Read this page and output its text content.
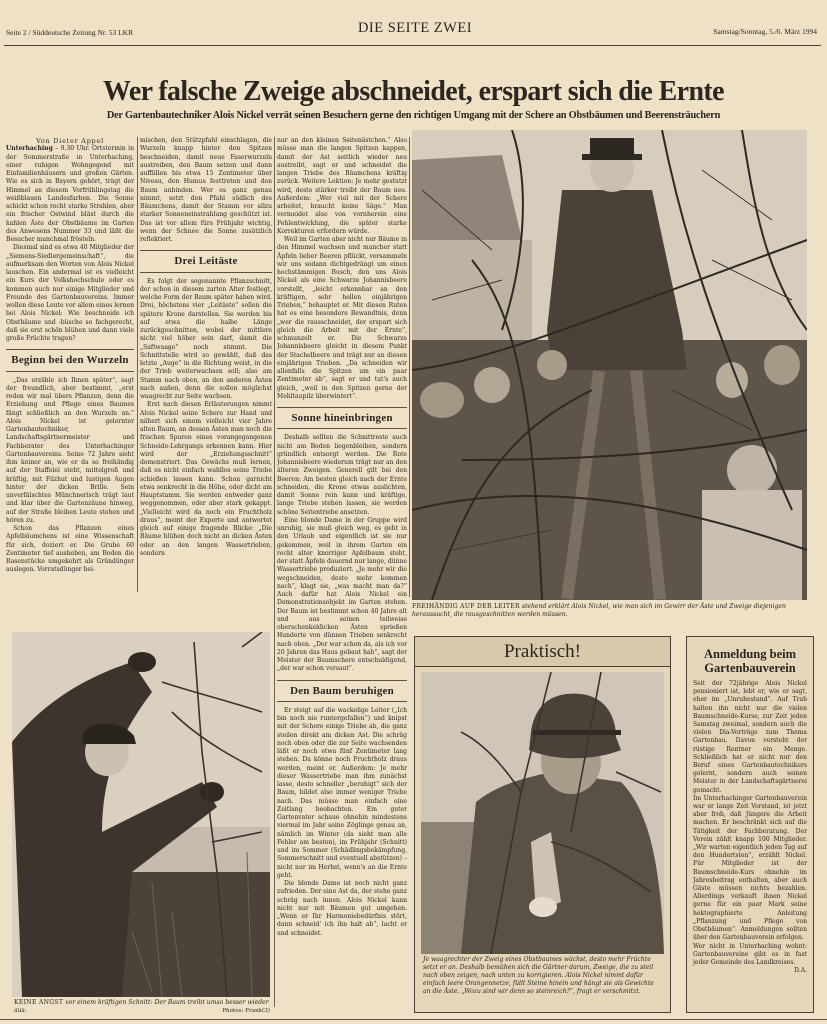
Seite 2 / Süddeutsche Zeitung Nr. 53 LKR	DIE SEITE ZWEI	Samstag/Sonntag, 5./6. März 1994
Wer falsche Zweige abschneidet, erspart sich die Ernte
Der Gartenbautechniker Alois Nickel verrät seinen Besuchern gerne den richtigen Umgang mit der Schere an Obstbäumen und Beerensträuchern

Von Dieter Appel

Unterhaching – 9.30 Uhr. Ortstermin in der Sommerstraße in Unterhaching, einer ruhigen Wohngegend mit Einfamilienhäusern und großen Gärten. Wie es sich in Bayern gehört, trägt der Himmel an diesem Vorfrühlingstag die weißblauen Landesfarben. Die Sonne schickt schon recht starke Strahlen, aber ein frischer Ostwind bläst durch die kahlen Äste der Obstbäume im Garten des Anwesens Nummer 33 und läßt die Besucher manchmal frösteln.

Diesmal sind es etwa 40 Mitglieder der „Siemens-Siedlergemeinschaft“, die aufmerksam den Worten von Alois Nickel lauschen. Ein andermal ist es vielleicht ein Kurs der Volkshochschule oder es kommen auch nur einige Mitglieder und Freunde des Gartenbauvereins. Immer wollen diese Leute vor allem eines lernen bei Alois Nickel: Wie beschneide ich Obstbäume und -büsche so fachgerecht, daß sie erst schön blühen und dann viele große Früchte tragen?

Beginn bei den Wurzeln

„Das erzähle ich Ihnen später“, sagt der freundlich, aber bestimmt, „erst reden wir mal übers Pflanzen, denn die Erziehung und Pflege eines Baumes fängt schließlich an den Wurzeln an.“ Alois Nickel ist gelernter Gartenbautechniker, Landschaftsgärtnermeister und Fachberater des Unterhachinger Gartenbauvereins. Seine 72 Jahre sieht ihm keiner an, wie er da so freihändig auf der Staffelei steht, mittelgroß und kräftig, mit Filzhut und lustigen Augen hinter der dicken Brille. Sein unverfälschtes Münchnerisch trägt laut und klar über die Gartenzäune hinweg, auf der Straße bleiben Leute stehen und hören zu.

Schon das Pflanzen eines Apfelbäumchens ist eine Wissenschaft für sich, doziert er. Die Grube 60 Zentimeter tief ausheben, am Boden die Rasenstücke umgekehrt als Gründünger auslegen. Vorratsdünger bei-

mischen, den Stützpfahl einschlagen, die Wurzeln knapp hinter den Spitzen beschneiden, damit neue Faserwurzeln austreiben, den Baum setzen und dann auffüllen bis etwa 15 Zentimeter über Niveau, den Humus festtreten und den Baum anbinden. Wer es ganz genau nimmt, setzt den Pfahl südlich des Bäumchens, damit der Stamm vor allzu starker Sonneneinstrahlung geschützt ist. Das ist vor allem fürs Frühjahr wichtig, wenn der Schnee die Sonne zusätzlich reflektiert.

Drei Leitäste

Es folgt der sogenannte Pflanzschnitt, der schon in diesem zarten Alter festlegt, welche Form der Baum später haben wird. Drei, höchstens vier „Leitäste“ sollen die spätere Krone darstellen. Sie werden bis auf etwa die halbe Länge zurückgeschnitten, wobei der mittlere nicht viel höher sein darf, damit die „Saftwaage“ noch stimmt. Die Schnittstelle wird so gewählt, daß das letzte „Auge“ in die Richtung weist, in die der Trieb weiterwachsen soll; also am Stamm nach oben, an den anderen Ästen nach außen, denn die sollen möglichst waagrecht zur Seite wachsen.

Erst nach diesen Erläuterungen nimmt Alois Nickel seine Schere zur Hand und nähert sich einem vielleicht vier Jahre alten Baum, an dessen Ästen man noch die frischen Spuren eines vorangegangenen Schneide-Lehrgangs erkennen kann. Hier wird der „Erziehungsschnitt“ demonstriert. Das Gewächs muß lernen, daß es nicht einfach wahllos seine Triebe schießen lassen kann. Schon garnicht etwa senkrecht in die Höhe, oder dicht am Hauptstamm. Sie werden entweder ganz weggenommen, oder aber stark gekappt. „Vielleicht wird da noch ein Fruchtholz draus“, meint der Experte und antwortet gleich auf einige fragende Blicke: „Die Bäume blühen doch nicht an dicken Ästen oder an den langen Wassertrieben, sondern

nur an den kleinen Seitenästchen.“ Also müsse man die langen Spitzen kappen, damit der Ast seitlich wieder neu austreibt, sagt er und schneidet die langen Triebe des Bäumchens kräftig zurück. Weitere Lektion: Je mehr gestutzt wird, desto stärker treibt der Baum neu. Außerdem: „Wer viel mit der Schere arbeitet, braucht keine Säge.“ Man vermeidet also von vornherein eine Fehlentwicklung, die später starke Korrekturen erfordern würde.

Weil im Garten aber nicht nur Bäume in den Himmel wachsen und mancher statt Äpfeln lieber Beeren pflückt, versammeln wir uns sodann dichtgedrängt um einen hochstämmigen Busch, den uns Alois Nickel als eine Schwarze Johannisbeere vorstellt, „leicht erkennbar an den kräftigen, sehr hellen einjährigen Trieben,“ behauptet er. Mit diesen Ruten hat es eine besondere Bewandtnis, denn „wer die rausschneidet, der erspart sich gleich die Arbeit mit der Ernte“, schmunzelt er. Die Schwarze Johannisbeere gleicht in diesem Punkt der Stachelbeere und trägt nur an diesen einjährigen Trieben. „Da schneiden wir allenfalls die Spitzen um ein paar Zentimeter ab“, sagt er und tut's auch gleich, „weil in den Spitzen gerne der Mehltaupilz überwintert“.

Sonne hineinbringen

Deshalb sollten die Schnittreste auch nicht am Boden liegenbleiben, sondern gründlich entsorgt werden. Die Rote Johannisbeere wiederum trägt nur an den älteren Zweigen. Generell gilt bei den Beeren: Am besten gleich nach der Ernte schneiden, die Krone etwas auslichten, damit Sonne rein kann und kräftige, lange Triebe stehen lassen, sie werden schöne Seitentriebe ansetzen.

Eine blonde Dame in der Gruppe wird unruhig, sie muß gleich weg, es geht in den Urlaub und eigentlich ist sie nur gekommen, weil in ihrem Garten ein recht alter knorriger Apfelbaum steht, der statt Äpfeln dauernd nur lange, dünne Wassertriebe produziert. „Je mehr wir die wegschneiden, desto mehr kommen nach“, klagt sie, „was macht man da?“ Auch dafür hat Alois Nickel ein Demonstrationsobjekt im Garten stehen. Der Baum ist bestimmt schon 40 Jahre alt und aus seinen teilweise oberschenkeldicken Ästen sprießen Hunderte von dünnen Trieben senkrecht nach oben. „Der war schon da, als ich vor 20 Jahren das Haus gebaut hab“, sagt der Meister der Baumschere entschuldigend, „der war schon versaut“.

Den Baum beruhigen

Er steigt auf die wackelige Leiter („Ich bin noch nie runtergefallen“) und knipst mit der Schere einige Triebe ab, die ganz steilen direkt am dicken Ast. Die schräg noch oben oder die zur Seite wachsenden läßt er noch etwa fünf Zentimeter lang stehen. Da könne noch Fruchtholz draus werden, meint er. Außerdem: Je mehr dieser Wassertriebe man ihm zunächst lasse, desto schneller „beruhigt“ sich der Baum, bildet also immer weniger Triebe nach. Das müsse man einfach eine Zeitlang beobachten. Ein guter Gartenvater schaue ohnehin mindestens viermal im Jahr seine Zöglinge genau an, nämlich im Winter (da sieht man alle Fehler am besten), im Frühjahr (Schnitt) und im Sommer (Schädlingsbekämpfung, Sommerschnitt und eventuell abstützen) – nicht nur im Herbst, wenn's an die Ernte geht.

Die blonde Dame ist noch nicht ganz zufrieden. Der eine Ast da, der stehe ganz schräg nach innen. Alois Nickel kann nicht nur mit Bäumen gut umgehen. „Wenn er Ihr Harmoniebedürfnis stört, dann schneid' ich ihn halt ab“, lacht er und schneidet.

FREIHÄNDIG AUF DER LEITER stehend erklärt Alois Nickel, wie man sich im Gewirr der Äste und Zweige diejenigen heraussucht, die rausgeschnitten werden müssen.
KEINE ANGST vor einem kräftigen Schnitt: Der Baum treibt umso besser wieder aus.	Photos: Frank(3)
Praktisch!
Je waagrechter der Zweig eines Obstbaumes wächst, desto mehr Früchte setzt er an. Deshalb bemühen sich die Gärtner darum, Zweige, die zu steil nach oben zeigen, nach unten zu korrigieren. Alois Nickel nimmt dafür einfach leere Orangennetze, füllt Steine hinein und hängt sie als Gewichte an die Äste. „Wozu sind wir denn so steinreich?“, fragt er verschmitzt.
Anmeldung beim Gartenbauverein

Seit der 72jährige Alois Nickel pensioniert ist, lebt er, wie er sagt, eher im „Unruhestand“. Auf Trab halten ihn nicht nur die vielen Baumschneide-Kurse, zur Zeit jeden Samstag zweimal, sondern auch die vielen Dia-Vorträge zum Thema Gartenbau. Davon versteht der rüstige Rentner ein Menge. Schließlich hat er nicht nur den Beruf eines Gartenbautechnikers gelernt, sondern auch seinen Meister in der Landschaftsgärtnerei gemacht.

Im Unterhachinger Gartenbauverein war er lange Zeit Vorstand, ist jetzt aber froh, daß Jüngere die Arbeit machen. Er beschränkt sich auf die Tätigkeit der Fachberatung. Der Verein zählt knapp 100 Mitglieder. „Wir warten eigentlich jeden Tag auf den Hundertsten“, erzählt Nickel. Für Mitglieder ist der Baumschneide-Kurs ohnehin im Jahresbeitrag enthalten, aber auch Gäste müssen nichts bezahlen. Allerdings verkauft ihnen Nickel gerne für ein paar Mark seine hektographierte Anleitung „Pflanzung und Pflege von Obstbäumen“. Anmeldungen sollten über den Gartenbauverein erfolgen.

Wer nicht in Unterhaching wohnt: Gartenbauvereine gibt es in fast jeder Gemeinde des Landkreises.
D.A.
